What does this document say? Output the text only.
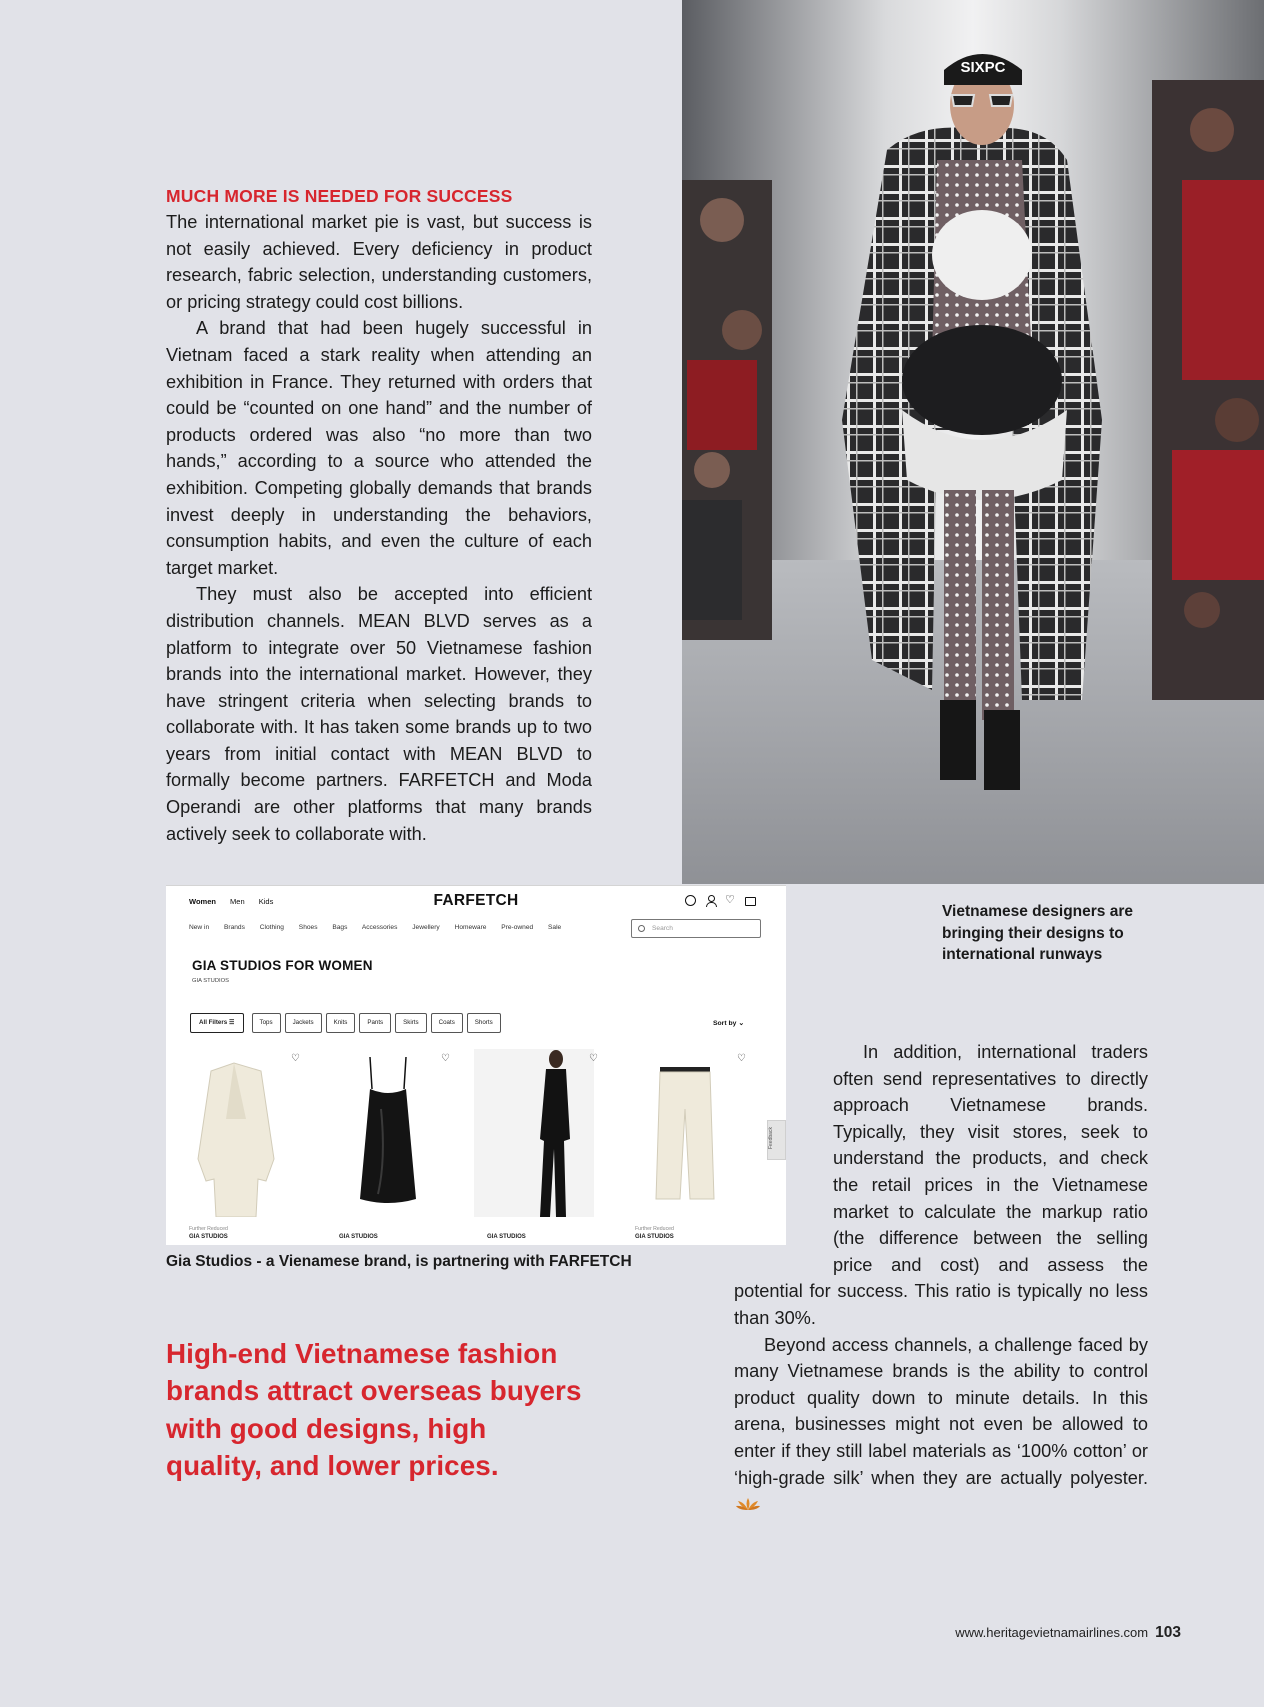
MUCH MORE IS NEEDED FOR SUCCESS

The international market pie is vast, but success is not easily achieved. Every deficiency in product research, fabric selection, understanding customers, or pricing strategy could cost billions.

A brand that had been hugely successful in Vietnam faced a stark reality when attending an exhibition in France. They returned with orders that could be “counted on one hand” and the number of products ordered was also “no more than two hands,” according to a source who attended the exhibition. Competing globally demands that brands invest deeply in understanding the behaviors, consumption habits, and even the culture of each target market.

They must also be accepted into efficient distribution channels. MEAN BLVD serves as a platform to integrate over 50 Vietnamese fashion brands into the international market. However, they have stringent criteria when selecting brands to collaborate with. It has taken some brands up to two years from initial contact with MEAN BLVD to formally become partners. FARFETCH and Moda Operandi are other platforms that many brands actively seek to collaborate with.

SIXPC
Women Men Kids	FARFETCH	♡
New in Brands Clothing Shoes Bags Accessories Jewellery Homeware Pre-owned Sale	Search
GIA STUDIOS FOR WOMEN
GIA STUDIOS
All Filters ☰	Tops	Jackets	Knits	Pants	Skirts	Coats	Shorts	Sort by ⌄
♡
Further Reduced
GIA STUDIOS
♡
GIA STUDIOS
♡
GIA STUDIOS
♡
Further Reduced
GIA STUDIOS
Feedback
Gia Studios - a Vienamese brand, is partnering with FARFETCH
Vietnamese designers are bringing their designs to international runways
High-end Vietnamese fashion brands attract overseas buyers with good designs, high quality, and lower prices.

In addition, international traders often send representatives to directly approach Vietnamese brands. Typically, they visit stores, seek to understand the products, and check the retail prices in the Vietnamese market to calculate the markup ratio (the difference between the selling price and cost) and assess the potential for success. This ratio is typically no less than 30%.

Beyond access channels, a challenge faced by many Vietnamese brands is the ability to control product quality down to minute details. In this arena, businesses might not even be allowed to enter if they still label materials as ‘100% cotton’ or ‘high-grade silk’ when they are actually polyester.

www.heritagevietnamairlines.com 103
